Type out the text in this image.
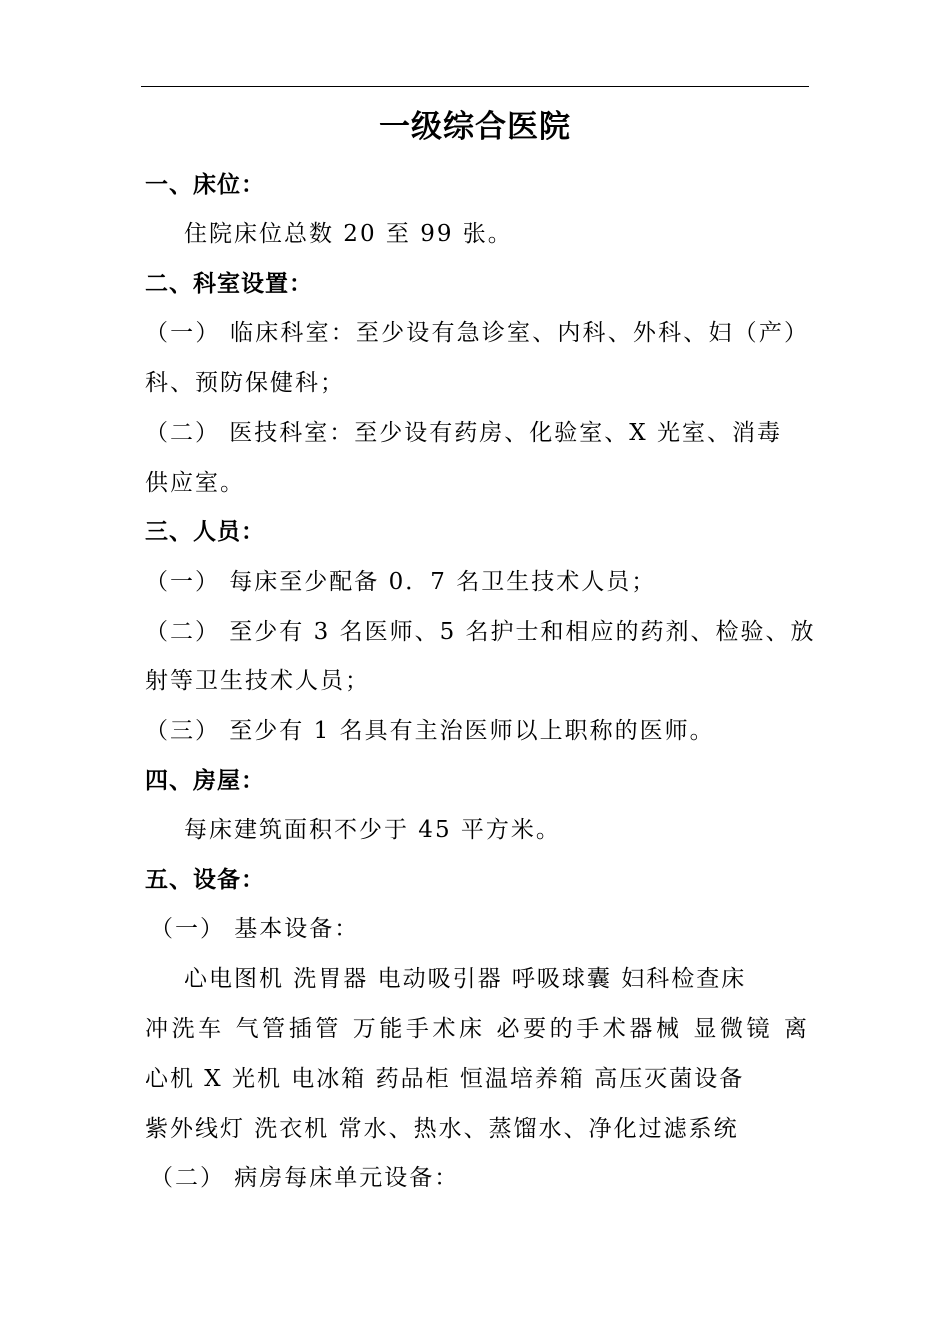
一级综合医院
一、床位：
住院床位总数 20 至 99 张。
二、科室设置：
（一） 临床科室：至少设有急诊室、内科、外科、妇（产）
科、预防保健科；
（二） 医技科室：至少设有药房、化验室、X 光室、消毒
供应室。
三、人员：
（一） 每床至少配备 0．7 名卫生技术人员；
（二） 至少有 3 名医师、5 名护士和相应的药剂、检验、放
射等卫生技术人员；
（三） 至少有 1 名具有主治医师以上职称的医师。
四、房屋：
每床建筑面积不少于 45 平方米。
五、设备：
（一） 基本设备：
心电图机 洗胃器 电动吸引器 呼吸球囊 妇科检查床
冲洗车 气管插管 万能手术床 必要的手术器械 显微镜 离
心机 X 光机 电冰箱 药品柜 恒温培养箱 高压灭菌设备
紫外线灯 洗衣机 常水、热水、蒸馏水、净化过滤系统
（二） 病房每床单元设备：
